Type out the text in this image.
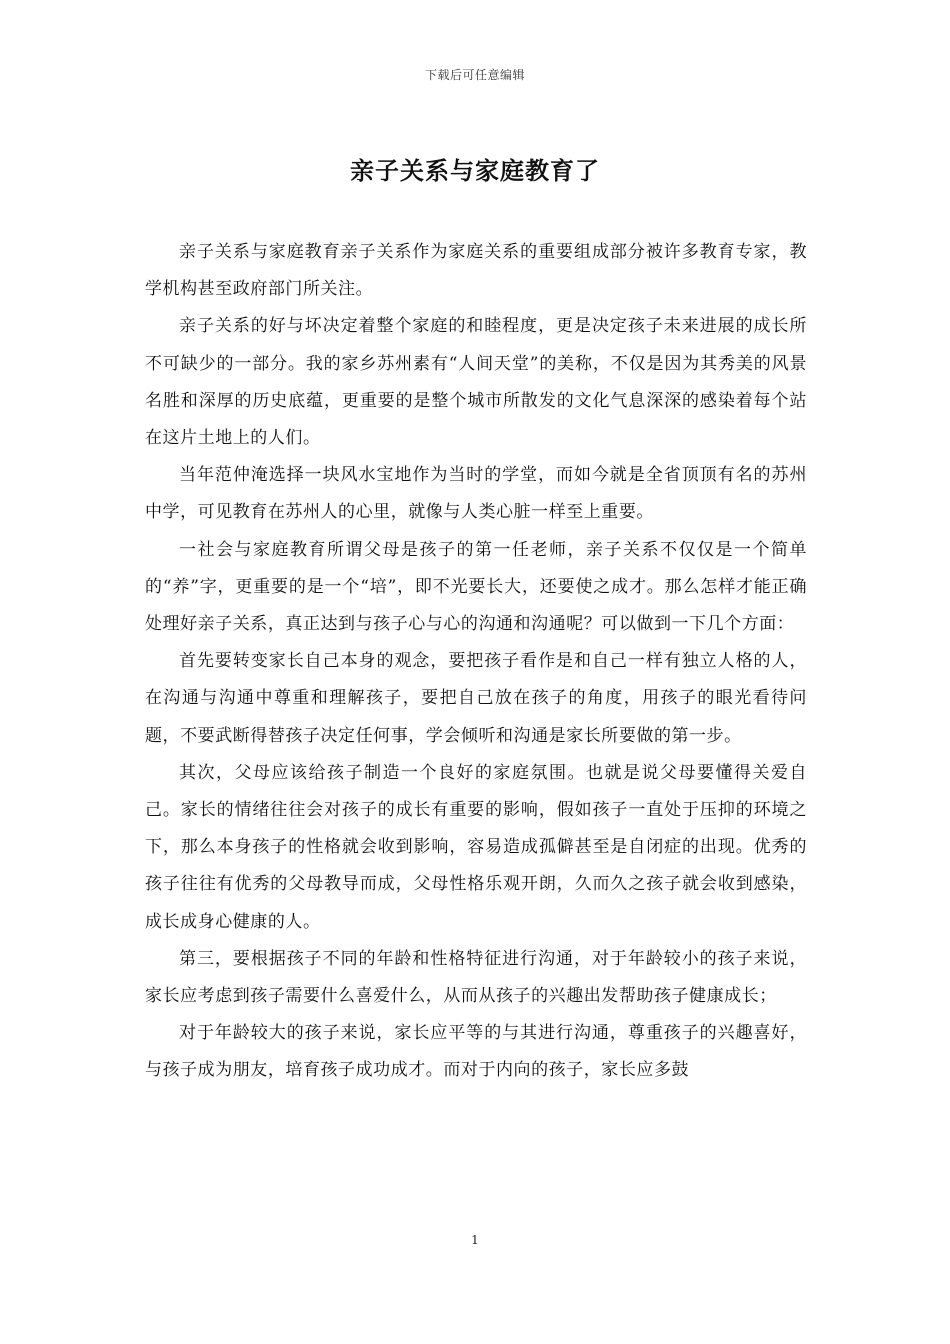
下载后可任意编辑
亲子关系与家庭教育了

亲子关系与家庭教育亲子关系作为家庭关系的重要组成部分被许多教育专家，教学机构甚至政府部门所关注。

亲子关系的好与坏决定着整个家庭的和睦程度，更是决定孩子未来进展的成长所不可缺少的一部分。我的家乡苏州素有“人间天堂”的美称，不仅是因为其秀美的风景名胜和深厚的历史底蕴，更重要的是整个城市所散发的文化气息深深的感染着每个站在这片土地上的人们。

当年范仲淹选择一块风水宝地作为当时的学堂，而如今就是全省顶顶有名的苏州中学，可见教育在苏州人的心里，就像与人类心脏一样至上重要。

一社会与家庭教育所谓父母是孩子的第一任老师，亲子关系不仅仅是一个简单的“养”字，更重要的是一个“培”，即不光要长大，还要使之成才。那么怎样才能正确处理好亲子关系，真正达到与孩子心与心的沟通和沟通呢？可以做到一下几个方面：

首先要转变家长自己本身的观念，要把孩子看作是和自己一样有独立人格的人，在沟通与沟通中尊重和理解孩子，要把自己放在孩子的角度，用孩子的眼光看待问题，不要武断得替孩子决定任何事，学会倾听和沟通是家长所要做的第一步。

其次，父母应该给孩子制造一个良好的家庭氛围。也就是说父母要懂得关爱自己。家长的情绪往往会对孩子的成长有重要的影响，假如孩子一直处于压抑的环境之下，那么本身孩子的性格就会收到影响，容易造成孤僻甚至是自闭症的出现。优秀的孩子往往有优秀的父母教导而成，父母性格乐观开朗，久而久之孩子就会收到感染，成长成身心健康的人。

第三，要根据孩子不同的年龄和性格特征进行沟通，对于年龄较小的孩子来说，家长应考虑到孩子需要什么喜爱什么，从而从孩子的兴趣出发帮助孩子健康成长；

对于年龄较大的孩子来说，家长应平等的与其进行沟通，尊重孩子的兴趣喜好，与孩子成为朋友，培育孩子成功成才。而对于内向的孩子，家长应多鼓

1
